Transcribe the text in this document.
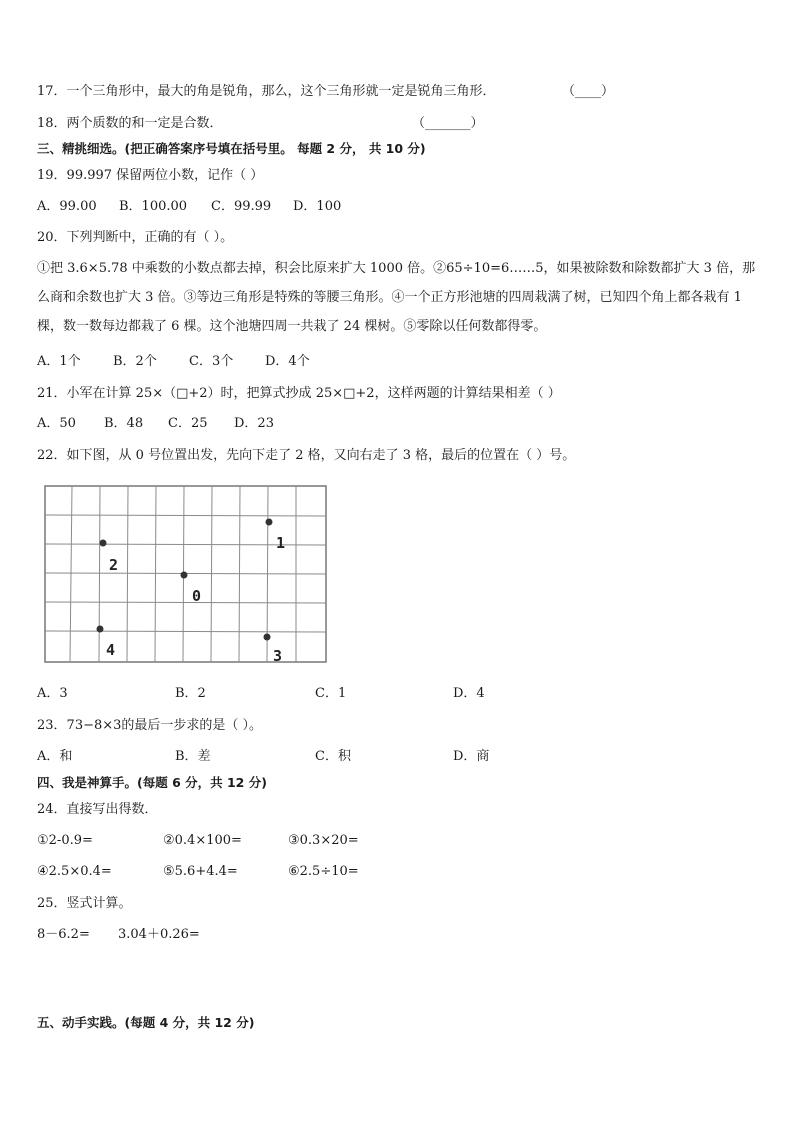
17．一个三角形中，最大的角是锐角，那么，这个三角形就一定是锐角三角形．	（____）
18．两个质数的和一定是合数．	（_______）
三、精挑细选。(把正确答案序号填在括号里。 每题 2 分， 共 10 分)
19．99.997 保留两位小数，记作（ ）
A．99.00 B．100.00 C．99.99 D．100
20．下列判断中，正确的有（ ）。
①把 3.6×5.78 中乘数的小数点都去掉，积会比原来扩大 1000 倍。②65÷10=6……5，如果被除数和除数都扩大 3 倍，那么商和余数也扩大 3 倍。③等边三角形是特殊的等腰三角形。④一个正方形池塘的四周栽满了树，已知四个角上都各栽有 1 棵，数一数每边都栽了 6 棵。这个池塘四周一共栽了 24 棵树。⑤零除以任何数都得零。
A．1个 B．2个 C．3个 D．4个
21．小军在计算 25×（□+2）时，把算式抄成 25×□+2，这样两题的计算结果相差（ ）
A．50 B．48 C．25 D．23
22．如下图，从 0 号位置出发，先向下走了 2 格，又向右走了 3 格，最后的位置在（ ）号。
1
2
0
4	3
A．3	B．2	C．1	D．4
23．73−8×3的最后一步求的是（ ）。
A．和	B．差	C．积	D．商
四、我是神算手。(每题 6 分，共 12 分)
24．直接写出得数．
①2-0.9=	②0.4×100=	③0.3×20=
④2.5×0.4=	⑤5.6+4.4=	⑥2.5÷10=
25．竖式计算。
8－6.2= 3.04＋0.26=
五、动手实践。(每题 4 分，共 12 分)
